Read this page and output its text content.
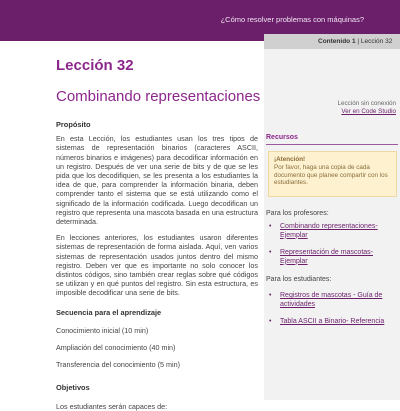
¿Cómo resolver problemas con máquinas?
Lección 32
Combinando representaciones
Propósito

En esta Lección, los estudiantes usan los tres tipos de sistemas de representación binarios (caracteres ASCII, números binarios e imágenes) para decodificar información en un registro. Después de ver una serie de bits y de que se les pida que los decodifiquen, se les presenta a los estudiantes la idea de que, para comprender la información binaria, deben comprender tanto el sistema que se está utilizando como el significado de la información codificada. Luego decodifican un registro que representa una mascota basada en una estructura determinada.

En lecciones anteriores, los estudiantes usaron diferentes sistemas de representación de forma aislada. Aquí, ven varios sistemas de representación usados juntos dentro del mismo registro. Deben ver que es importante no solo conocer los distintos códigos, sino también crear reglas sobre qué códigos se utilizan y en qué puntos del registro. Sin esta estructura, es imposible decodificar una serie de bits.

Secuencia para el aprendizaje
Conocimiento inicial (10 min)
Ampliación del conocimiento (40 min)
Transferencia del conocimiento (5 min)
Objetivos
Los estudiantes serán capaces de:
Contenido 1 | Lección 32
Lección sin conexión
Ver en Code Studio
Recursos
¡Atención!
Por favor, haga una copia de cada documento que planee compartir con los estudiantes.
Para los profesores:
• Combinando representaciones- Ejemplar
• Representación de mascotas- Ejemplar
Para los estudiantes:
• Registros de mascotas - Guía de actividades
• Tabla ASCII a Binario- Referencia
